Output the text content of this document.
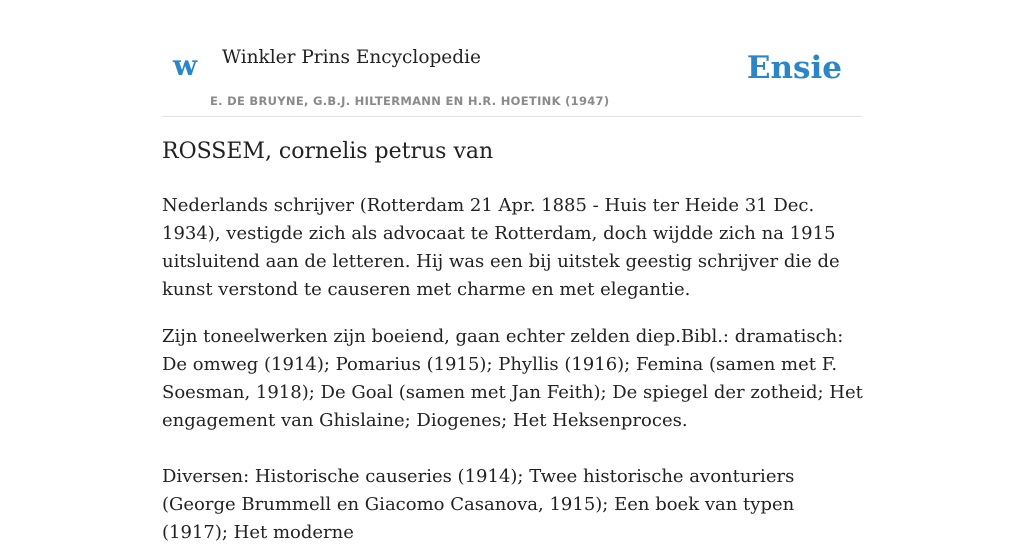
w Winkler Prins Encyclopedie
E. DE BRUYNE, G.B.J. HILTERMANN EN H.R. HOETINK (1947)
Ensie
ROSSEM, cornelis petrus van

Nederlands schrijver (Rotterdam 21 Apr. 1885 - Huis ter Heide 31 Dec. 1934), vestigde zich als advocaat te Rotterdam, doch wijdde zich na 1915 uitsluitend aan de letteren. Hij was een bij uitstek geestig schrijver die de kunst verstond te causeren met charme en met elegantie.

Zijn toneelwerken zijn boeiend, gaan echter zelden diep.Bibl.: dramatisch: De omweg (1914); Pomarius (1915); Phyllis (1916); Femina (samen met F. Soesman, 1918); De Goal (samen met Jan Feith); De spiegel der zotheid; Het engagement van Ghislaine; Diogenes; Het Heksenproces.

Diversen: Historische causeries (1914); Twee historische avonturiers (George Brummell en Giacomo Casanova, 1915); Een boek van typen (1917); Het moderne
